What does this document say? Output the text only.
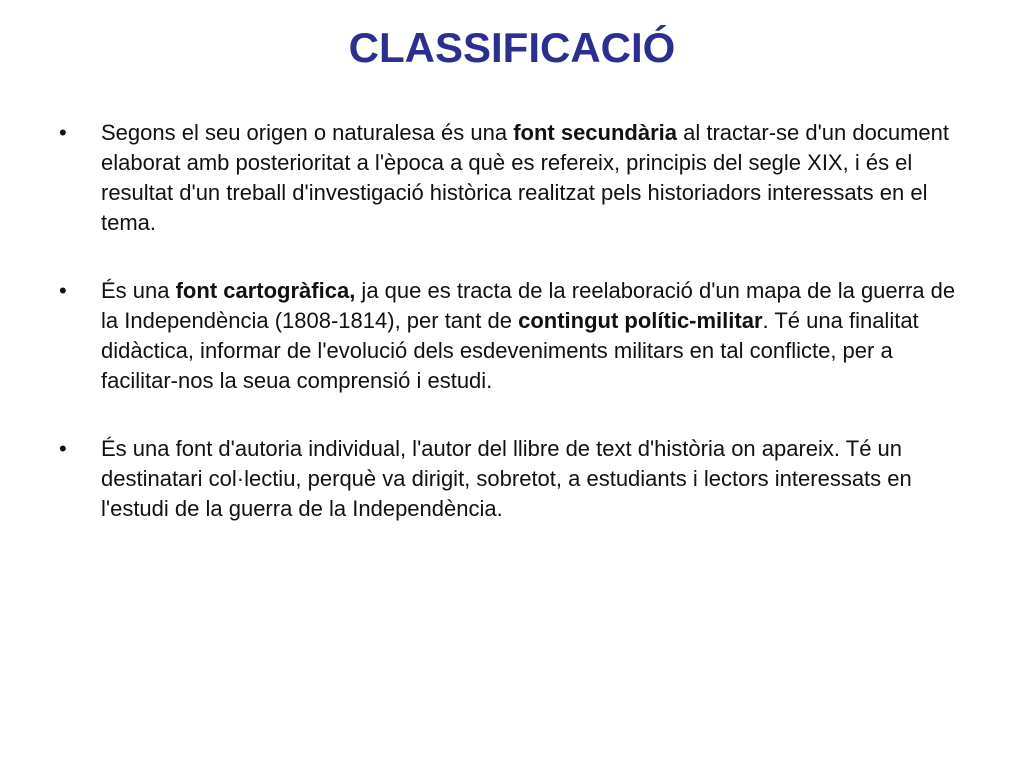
CLASSIFICACIÓ
•	Segons el seu origen o naturalesa és una font secundària al tractar-se d'un document elaborat amb posterioritat a l'època a què es refereix, principis del segle XIX, i és el resultat d'un treball d'investigació històrica realitzat pels historiadors interessats en el tema.
•	És una font cartogràfica, ja que es tracta de la reelaboració d'un mapa de la guerra de la Independència (1808-1814), per tant de contingut polític-militar. Té una finalitat didàctica, informar de l'evolució dels esdeveniments militars en tal conflicte, per a facilitar-nos la seua comprensió i estudi.
•	És una font d'autoria individual, l'autor del llibre de text d'història on apareix. Té un destinatari col·lectiu, perquè va dirigit, sobretot, a estudiants i lectors interessats en l'estudi de la guerra de la Independència.
